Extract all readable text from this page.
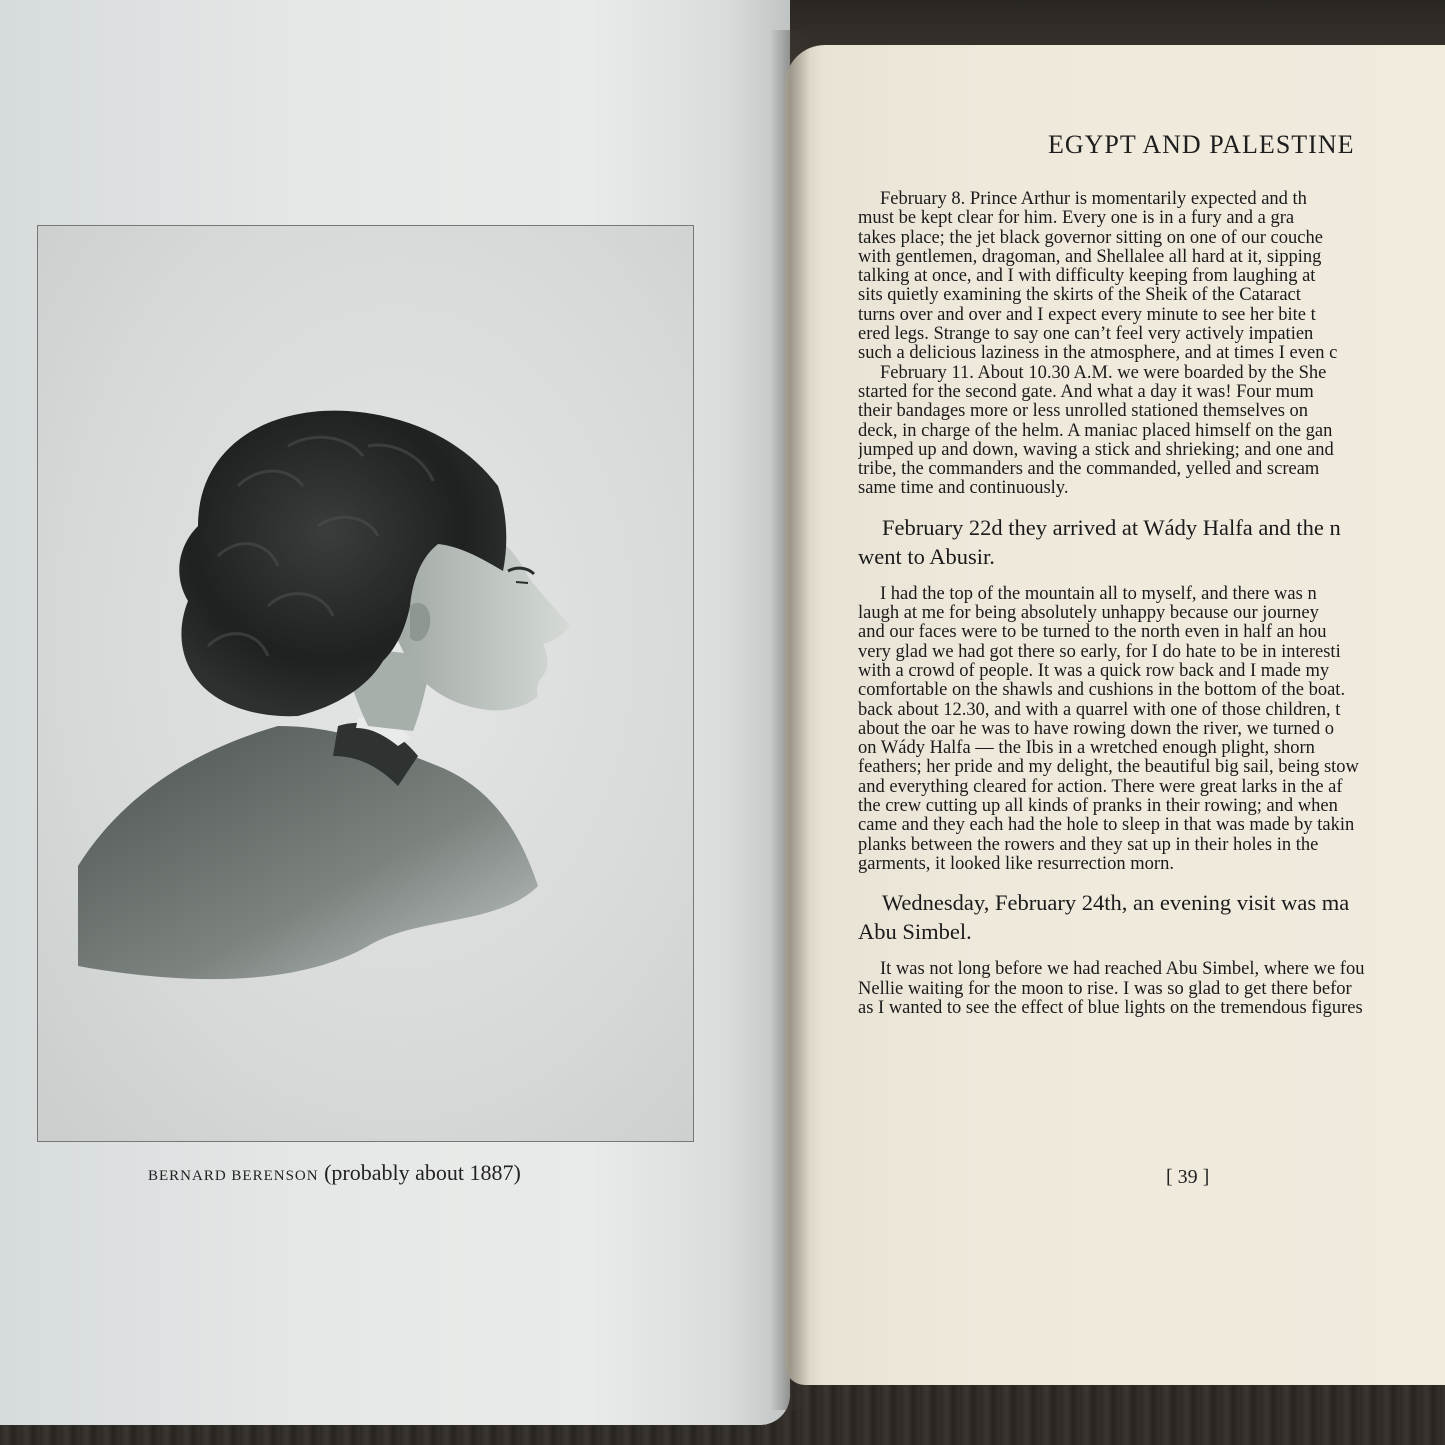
BERNARD BERENSON (probably about 1887)
EGYPT AND PALESTINE
February 8. Prince Arthur is momentarily expected and th
must be kept clear for him. Every one is in a fury and a gra
takes place; the jet black governor sitting on one of our couche
with gentlemen, dragoman, and Shellalee all hard at it, sipping
talking at once, and I with difficulty keeping from laughing at
sits quietly examining the skirts of the Sheik of the Cataract
turns over and over and I expect every minute to see her bite t
ered legs. Strange to say one can’t feel very actively impatien
such a delicious laziness in the atmosphere, and at times I even c
February 11. About 10.30 A.M. we were boarded by the She
started for the second gate. And what a day it was! Four mum
their bandages more or less unrolled stationed themselves on
deck, in charge of the helm. A maniac placed himself on the gan
jumped up and down, waving a stick and shrieking; and one and
tribe, the commanders and the commanded, yelled and scream
same time and continuously.
February 22d they arrived at Wády Halfa and the n
went to Abusir.
I had the top of the mountain all to myself, and there was n
laugh at me for being absolutely unhappy because our journey
and our faces were to be turned to the north even in half an hou
very glad we had got there so early, for I do hate to be in interesti
with a crowd of people. It was a quick row back and I made my
comfortable on the shawls and cushions in the bottom of the boat.
back about 12.30, and with a quarrel with one of those children, t
about the oar he was to have rowing down the river, we turned o
on Wády Halfa — the Ibis in a wretched enough plight, shorn
feathers; her pride and my delight, the beautiful big sail, being stow
and everything cleared for action. There were great larks in the af
the crew cutting up all kinds of pranks in their rowing; and when
came and they each had the hole to sleep in that was made by takin
planks between the rowers and they sat up in their holes in the
garments, it looked like resurrection morn.
Wednesday, February 24th, an evening visit was ma
Abu Simbel.
It was not long before we had reached Abu Simbel, where we fou
Nellie waiting for the moon to rise. I was so glad to get there befor
as I wanted to see the effect of blue lights on the tremendous figures
[ 39 ]
